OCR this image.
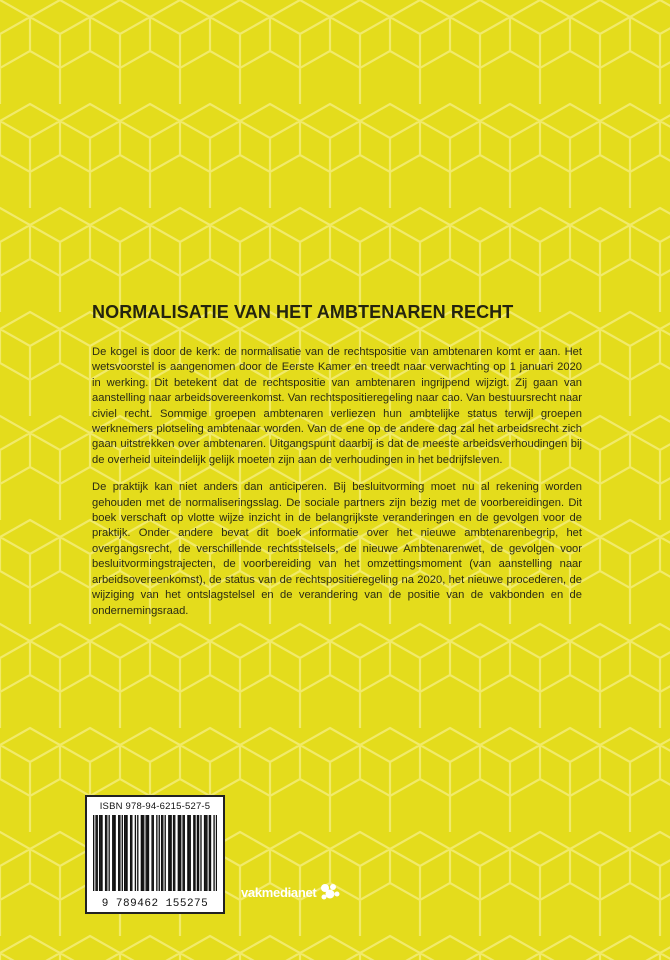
NORMALISATIE VAN HET AMBTENAREN RECHT

De kogel is door de kerk: de normalisatie van de rechtspositie van ambtenaren komt er aan. Het wetsvoorstel is aangenomen door de Eerste Kamer en treedt naar verwachting op 1 januari 2020 in werking. Dit betekent dat de rechtspositie van ambtenaren ingrijpend wijzigt. Zij gaan van aanstelling naar arbeidsovereenkomst. Van rechtspositieregeling naar cao. Van bestuursrecht naar civiel recht. Sommige groepen ambtenaren verliezen hun ambtelijke status terwijl groepen werknemers plotseling ambtenaar worden. Van de ene op de andere dag zal het arbeidsrecht zich gaan uitstrekken over ambtenaren. Uitgangspunt daarbij is dat de meeste arbeidsverhoudingen bij de overheid uiteindelijk gelijk moeten zijn aan de verhoudingen in het bedrijfsleven.

De praktijk kan niet anders dan anticiperen. Bij besluitvorming moet nu al rekening worden gehouden met de normaliseringsslag. De sociale partners zijn bezig met de voorbereidingen. Dit boek verschaft op vlotte wijze inzicht in de belangrijkste veranderingen en de gevolgen voor de praktijk. Onder andere bevat dit boek informatie over het nieuwe ambtenarenbegrip, het overgangsrecht, de verschillende rechtsstelsels, de nieuwe Ambtenarenwet, de gevolgen voor besluitvormingstrajecten, de voorbereiding van het omzettingsmoment (van aanstelling naar arbeidsovereenkomst), de status van de rechtspositieregeling na 2020, het nieuwe procederen, de wijziging van het ontslagstelsel en de verandering van de positie van de vakbonden en de ondernemingsraad.

ISBN 978-94-6215-527-5
9 789462 155275
vakmedianet
